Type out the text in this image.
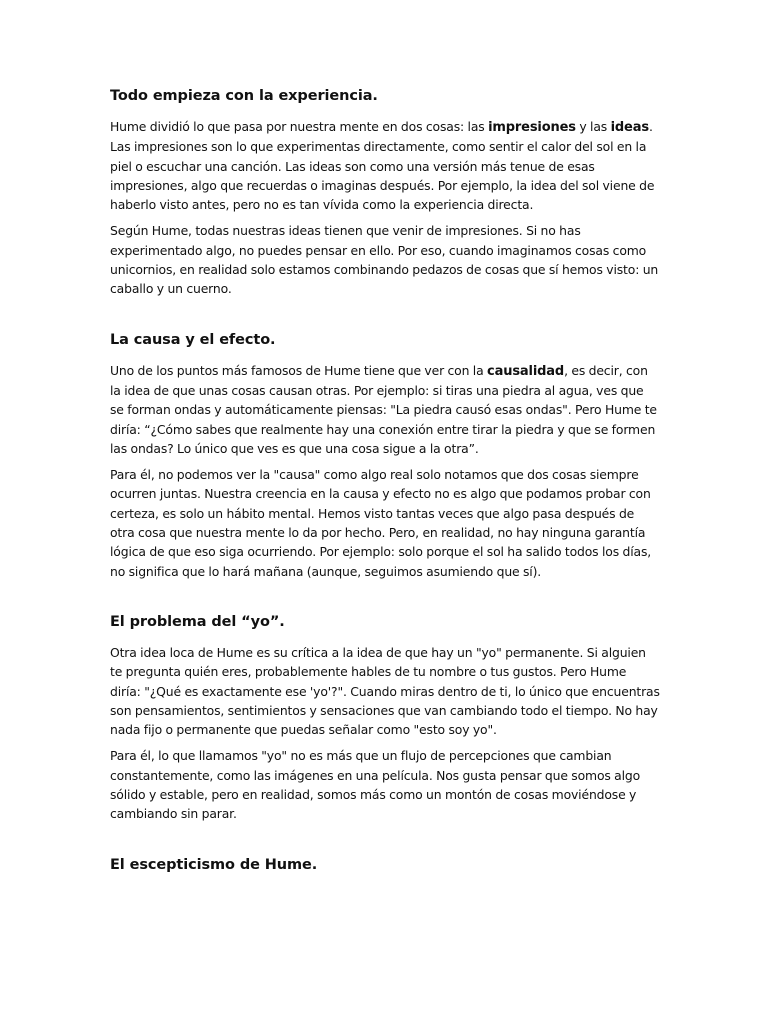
Todo empieza con la experiencia.

Hume dividió lo que pasa por nuestra mente en dos cosas: las impresiones y las ideas. Las impresiones son lo que experimentas directamente, como sentir el calor del sol en la piel o escuchar una canción. Las ideas son como una versión más tenue de esas impresiones, algo que recuerdas o imaginas después. Por ejemplo, la idea del sol viene de haberlo visto antes, pero no es tan vívida como la experiencia directa.

Según Hume, todas nuestras ideas tienen que venir de impresiones. Si no has experimentado algo, no puedes pensar en ello. Por eso, cuando imaginamos cosas como unicornios, en realidad solo estamos combinando pedazos de cosas que sí hemos visto: un caballo y un cuerno.

La causa y el efecto.

Uno de los puntos más famosos de Hume tiene que ver con la causalidad, es decir, con la idea de que unas cosas causan otras. Por ejemplo: si tiras una piedra al agua, ves que se forman ondas y automáticamente piensas: "La piedra causó esas ondas". Pero Hume te diría: “¿Cómo sabes que realmente hay una conexión entre tirar la piedra y que se formen las ondas? Lo único que ves es que una cosa sigue a la otra”.

Para él, no podemos ver la "causa" como algo real solo notamos que dos cosas siempre ocurren juntas. Nuestra creencia en la causa y efecto no es algo que podamos probar con certeza, es solo un hábito mental. Hemos visto tantas veces que algo pasa después de otra cosa que nuestra mente lo da por hecho. Pero, en realidad, no hay ninguna garantía lógica de que eso siga ocurriendo. Por ejemplo: solo porque el sol ha salido todos los días, no significa que lo hará mañana (aunque, seguimos asumiendo que sí).

El problema del “yo”.

Otra idea loca de Hume es su crítica a la idea de que hay un "yo" permanente. Si alguien te pregunta quién eres, probablemente hables de tu nombre o tus gustos. Pero Hume diría: "¿Qué es exactamente ese 'yo'?". Cuando miras dentro de ti, lo único que encuentras son pensamientos, sentimientos y sensaciones que van cambiando todo el tiempo. No hay nada fijo o permanente que puedas señalar como "esto soy yo".

Para él, lo que llamamos "yo" no es más que un flujo de percepciones que cambian constantemente, como las imágenes en una película. Nos gusta pensar que somos algo sólido y estable, pero en realidad, somos más como un montón de cosas moviéndose y cambiando sin parar.

El escepticismo de Hume.
